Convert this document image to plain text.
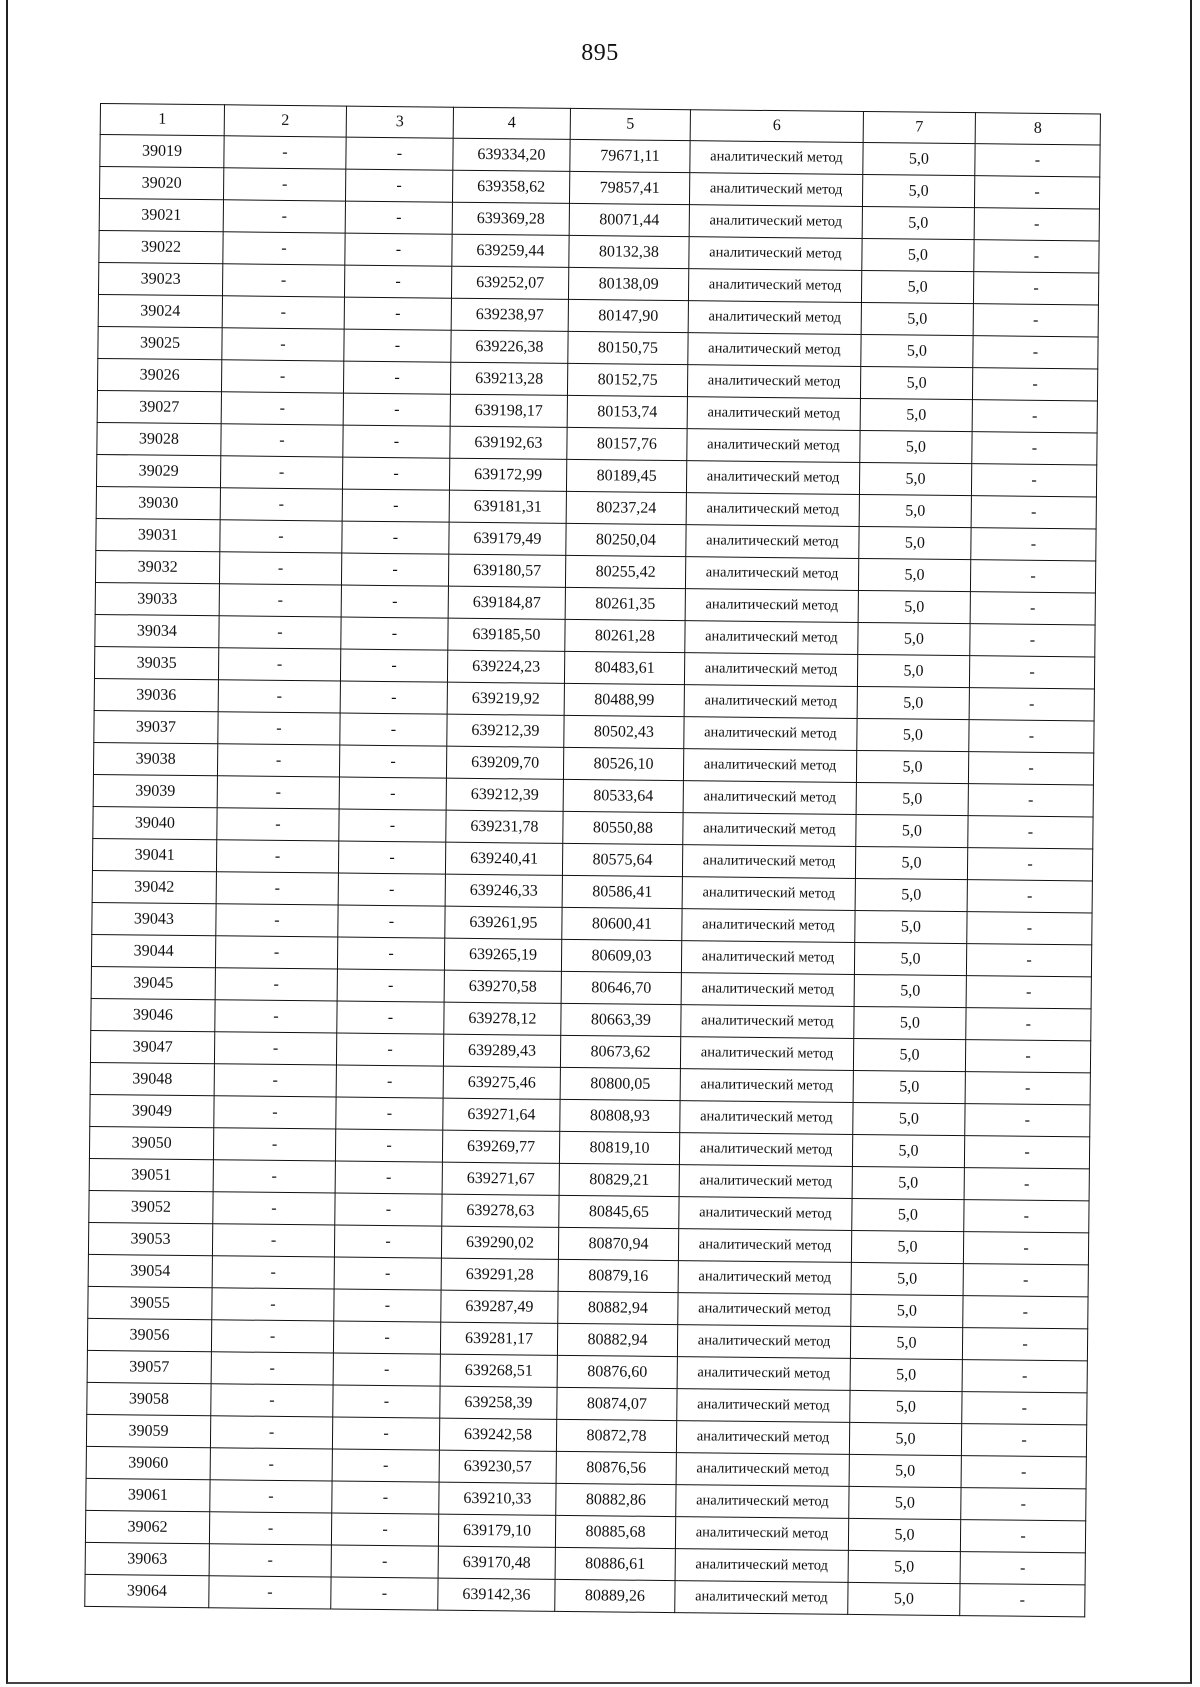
895
1	2	3	4	5	6	7	8
39019	-	-	639334,20	79671,11	аналитический метод	5,0	-
39020	-	-	639358,62	79857,41	аналитический метод	5,0	-
39021	-	-	639369,28	80071,44	аналитический метод	5,0	-
39022	-	-	639259,44	80132,38	аналитический метод	5,0	-
39023	-	-	639252,07	80138,09	аналитический метод	5,0	-
39024	-	-	639238,97	80147,90	аналитический метод	5,0	-
39025	-	-	639226,38	80150,75	аналитический метод	5,0	-
39026	-	-	639213,28	80152,75	аналитический метод	5,0	-
39027	-	-	639198,17	80153,74	аналитический метод	5,0	-
39028	-	-	639192,63	80157,76	аналитический метод	5,0	-
39029	-	-	639172,99	80189,45	аналитический метод	5,0	-
39030	-	-	639181,31	80237,24	аналитический метод	5,0	-
39031	-	-	639179,49	80250,04	аналитический метод	5,0	-
39032	-	-	639180,57	80255,42	аналитический метод	5,0	-
39033	-	-	639184,87	80261,35	аналитический метод	5,0	-
39034	-	-	639185,50	80261,28	аналитический метод	5,0	-
39035	-	-	639224,23	80483,61	аналитический метод	5,0	-
39036	-	-	639219,92	80488,99	аналитический метод	5,0	-
39037	-	-	639212,39	80502,43	аналитический метод	5,0	-
39038	-	-	639209,70	80526,10	аналитический метод	5,0	-
39039	-	-	639212,39	80533,64	аналитический метод	5,0	-
39040	-	-	639231,78	80550,88	аналитический метод	5,0	-
39041	-	-	639240,41	80575,64	аналитический метод	5,0	-
39042	-	-	639246,33	80586,41	аналитический метод	5,0	-
39043	-	-	639261,95	80600,41	аналитический метод	5,0	-
39044	-	-	639265,19	80609,03	аналитический метод	5,0	-
39045	-	-	639270,58	80646,70	аналитический метод	5,0	-
39046	-	-	639278,12	80663,39	аналитический метод	5,0	-
39047	-	-	639289,43	80673,62	аналитический метод	5,0	-
39048	-	-	639275,46	80800,05	аналитический метод	5,0	-
39049	-	-	639271,64	80808,93	аналитический метод	5,0	-
39050	-	-	639269,77	80819,10	аналитический метод	5,0	-
39051	-	-	639271,67	80829,21	аналитический метод	5,0	-
39052	-	-	639278,63	80845,65	аналитический метод	5,0	-
39053	-	-	639290,02	80870,94	аналитический метод	5,0	-
39054	-	-	639291,28	80879,16	аналитический метод	5,0	-
39055	-	-	639287,49	80882,94	аналитический метод	5,0	-
39056	-	-	639281,17	80882,94	аналитический метод	5,0	-
39057	-	-	639268,51	80876,60	аналитический метод	5,0	-
39058	-	-	639258,39	80874,07	аналитический метод	5,0	-
39059	-	-	639242,58	80872,78	аналитический метод	5,0	-
39060	-	-	639230,57	80876,56	аналитический метод	5,0	-
39061	-	-	639210,33	80882,86	аналитический метод	5,0	-
39062	-	-	639179,10	80885,68	аналитический метод	5,0	-
39063	-	-	639170,48	80886,61	аналитический метод	5,0	-
39064	-	-	639142,36	80889,26	аналитический метод	5,0	-
